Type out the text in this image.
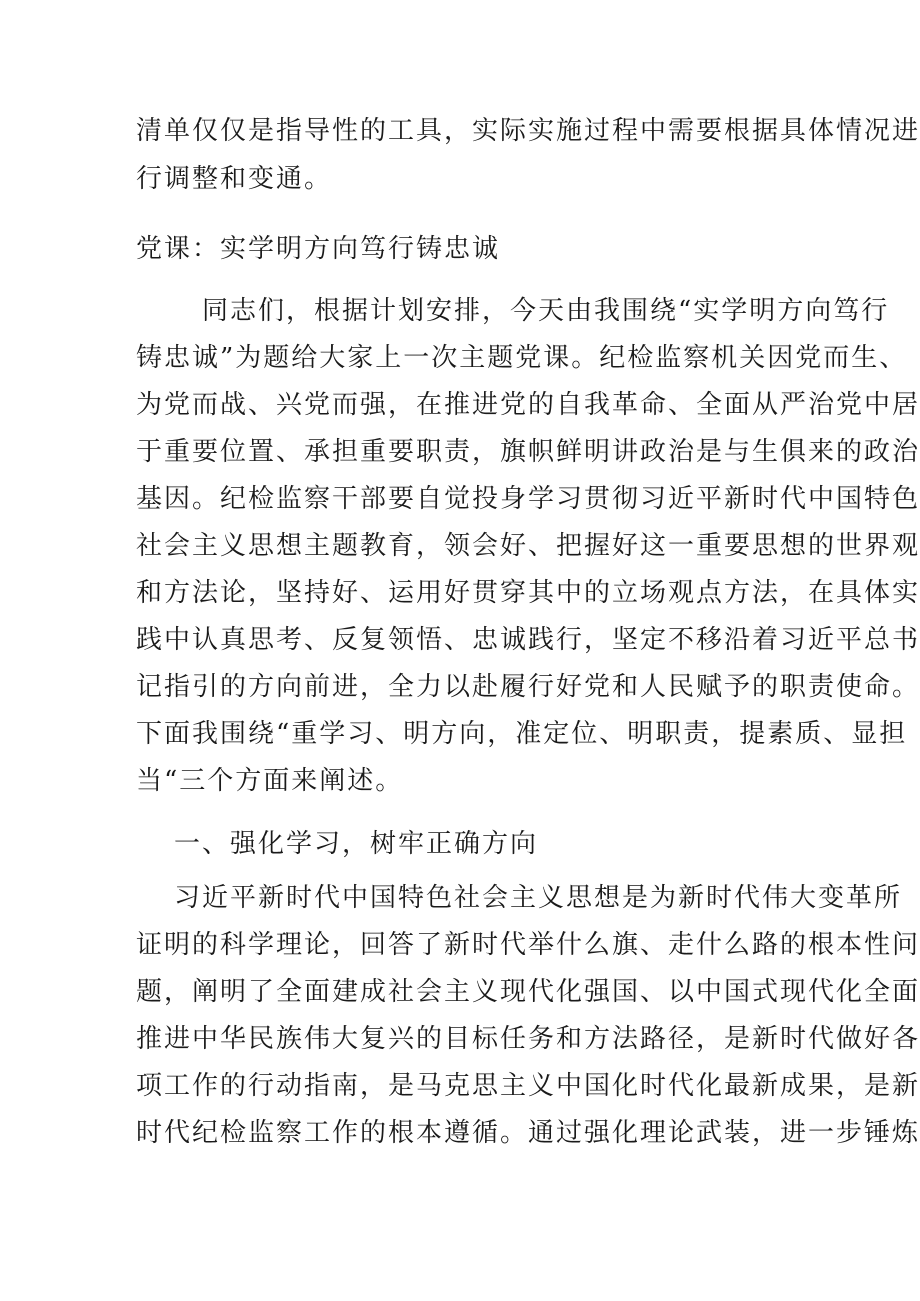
清单仅仅是指导性的工具，实际实施过程中需要根据具体情况进
行调整和变通。
党课：实学明方向笃行铸忠诚
同志们，根据计划安排，今天由我围绕“实学明方向笃行
铸忠诚”为题给大家上一次主题党课。纪检监察机关因党而生、
为党而战、兴党而强，在推进党的自我革命、全面从严治党中居
于重要位置、承担重要职责，旗帜鲜明讲政治是与生俱来的政治
基因。纪检监察干部要自觉投身学习贯彻习近平新时代中国特色
社会主义思想主题教育，领会好、把握好这一重要思想的世界观
和方法论，坚持好、运用好贯穿其中的立场观点方法，在具体实
践中认真思考、反复领悟、忠诚践行，坚定不移沿着习近平总书
记指引的方向前进，全力以赴履行好党和人民赋予的职责使命。
下面我围绕“重学习、明方向，准定位、明职责，提素质、显担
当“三个方面来阐述。
一、强化学习，树牢正确方向
习近平新时代中国特色社会主义思想是为新时代伟大变革所
证明的科学理论，回答了新时代举什么旗、走什么路的根本性问
题，阐明了全面建成社会主义现代化强国、以中国式现代化全面
推进中华民族伟大复兴的目标任务和方法路径，是新时代做好各
项工作的行动指南，是马克思主义中国化时代化最新成果，是新
时代纪检监察工作的根本遵循。通过强化理论武装，进一步锤炼
